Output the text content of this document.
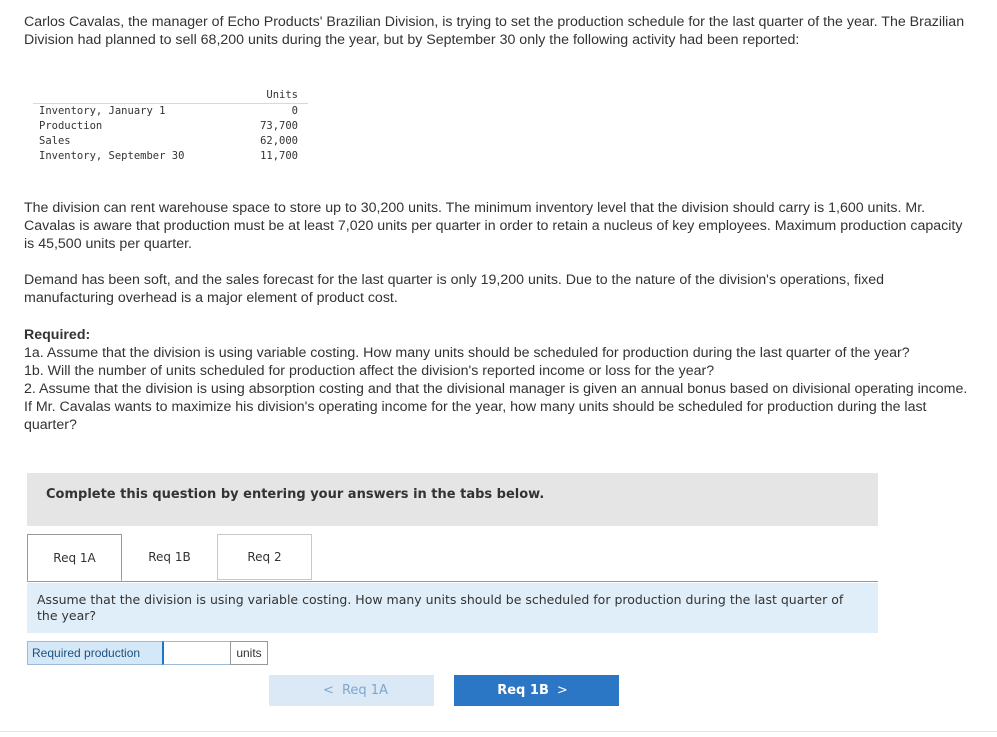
Carlos Cavalas, the manager of Echo Products' Brazilian Division, is trying to set the production schedule for the last quarter of the year. The Brazilian Division had planned to sell 68,200 units during the year, but by September 30 only the following activity had been reported:

	Units
Inventory, January 1	0
Production	73,700
Sales	62,000
Inventory, September 30	11,700

The division can rent warehouse space to store up to 30,200 units. The minimum inventory level that the division should carry is 1,600 units. Mr. Cavalas is aware that production must be at least 7,020 units per quarter in order to retain a nucleus of key employees. Maximum production capacity is 45,500 units per quarter.

Demand has been soft, and the sales forecast for the last quarter is only 19,200 units. Due to the nature of the division's operations, fixed manufacturing overhead is a major element of product cost.

Required:
1a. Assume that the division is using variable costing. How many units should be scheduled for production during the last quarter of the year?
1b. Will the number of units scheduled for production affect the division's reported income or loss for the year?
2. Assume that the division is using absorption costing and that the divisional manager is given an annual bonus based on divisional operating income. If Mr. Cavalas wants to maximize his division's operating income for the year, how many units should be scheduled for production during the last quarter?
Complete this question by entering your answers in the tabs below.
Req 1A	Req 1B	Req 2
Assume that the division is using variable costing. How many units should be scheduled for production during the last quarter of the year?
Required production	units
< Req 1A	Req 1B >
